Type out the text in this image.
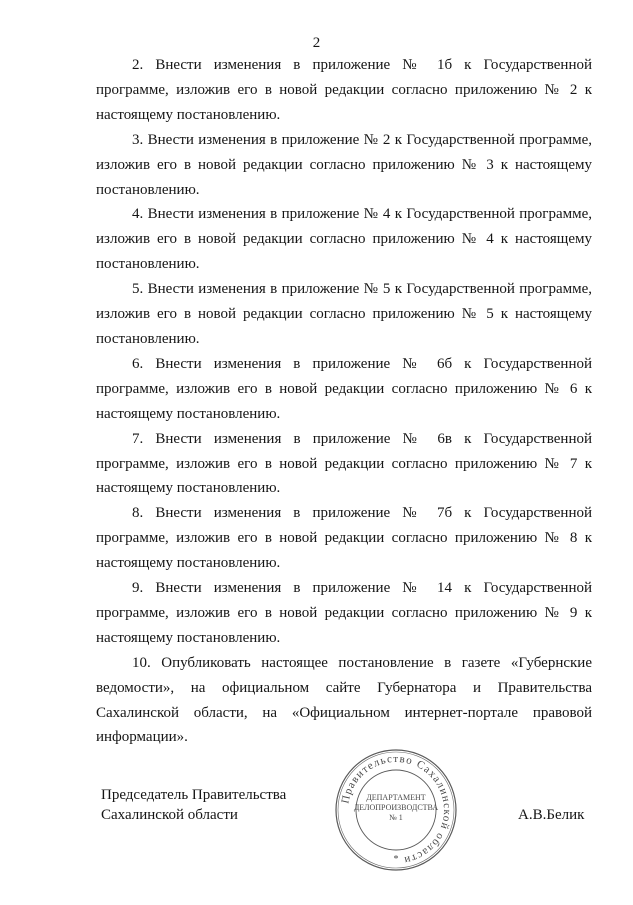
2

2. Внести изменения в приложение № 1б к Государственной программе, изложив его в новой редакции согласно приложению № 2 к настоящему постановлению.

3. Внести изменения в приложение № 2 к Государственной программе, изложив его в новой редакции согласно приложению № 3 к настоящему постановлению.

4. Внести изменения в приложение № 4 к Государственной программе, изложив его в новой редакции согласно приложению № 4 к настоящему постановлению.

5. Внести изменения в приложение № 5 к Государственной программе, изложив его в новой редакции согласно приложению № 5 к настоящему постановлению.

6. Внести изменения в приложение № 6б к Государственной программе, изложив его в новой редакции согласно приложению № 6 к настоящему постановлению.

7. Внести изменения в приложение № 6в к Государственной программе, изложив его в новой редакции согласно приложению № 7 к настоящему постановлению.

8. Внести изменения в приложение № 7б к Государственной программе, изложив его в новой редакции согласно приложению № 8 к настоящему постановлению.

9. Внести изменения в приложение № 14 к Государственной программе, изложив его в новой редакции согласно приложению № 9 к настоящему постановлению.

10. Опубликовать настоящее постановление в газете «Губернские ведомости», на официальном сайте Губернатора и Правительства Сахалинской области, на «Официальном интернет-портале правовой информации».

Председатель Правительства
Сахалинской области
Правительство Сахалинской области
*
ДЕПАРТАМЕНТ
ДЕЛОПРОИЗВОДСТВА
№ 1	А.В.Белик
